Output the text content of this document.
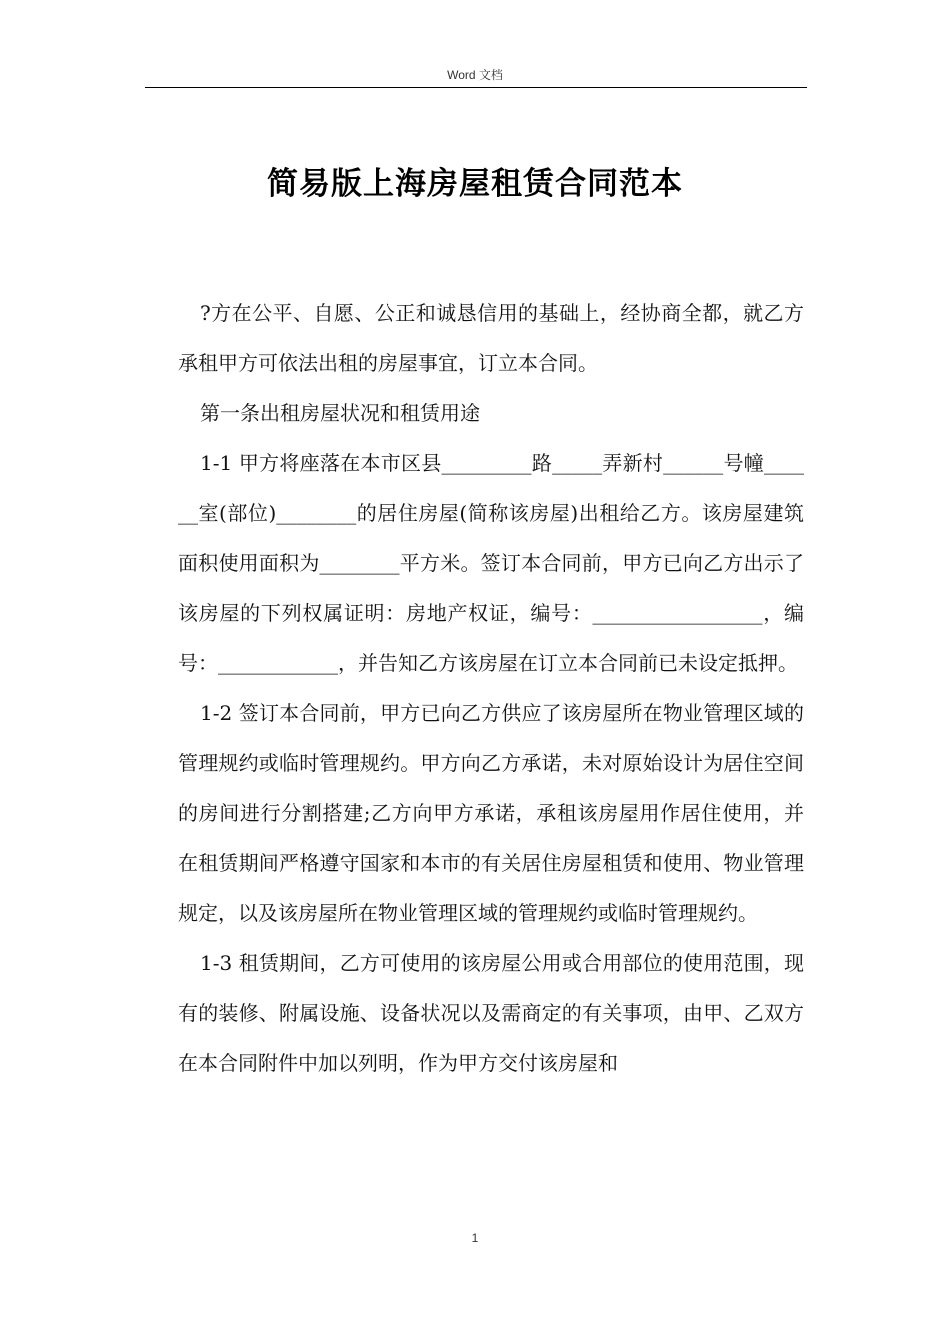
Word 文档
简易版上海房屋租赁合同范本

?方在公平、自愿、公正和诚恳信用的基础上，经协商全都，就乙方承租甲方可依法出租的房屋事宜，订立本合同。

第一条出租房屋状况和租赁用途

1-1 甲方将座落在本市区县_________路_____弄新村______号幢______室(部位)________的居住房屋(简称该房屋)出租给乙方。该房屋建筑面积使用面积为________平方米。签订本合同前，甲方已向乙方出示了该房屋的下列权属证明：房地产权证，编号：_________________，编号：____________，并告知乙方该房屋在订立本合同前已未设定抵押。

1-2 签订本合同前，甲方已向乙方供应了该房屋所在物业管理区域的管理规约或临时管理规约。甲方向乙方承诺，未对原始设计为居住空间的房间进行分割搭建;乙方向甲方承诺，承租该房屋用作居住使用，并在租赁期间严格遵守国家和本市的有关居住房屋租赁和使用、物业管理规定，以及该房屋所在物业管理区域的管理规约或临时管理规约。

1-3 租赁期间，乙方可使用的该房屋公用或合用部位的使用范围，现有的装修、附属设施、设备状况以及需商定的有关事项，由甲、乙双方在本合同附件中加以列明，作为甲方交付该房屋和

1
